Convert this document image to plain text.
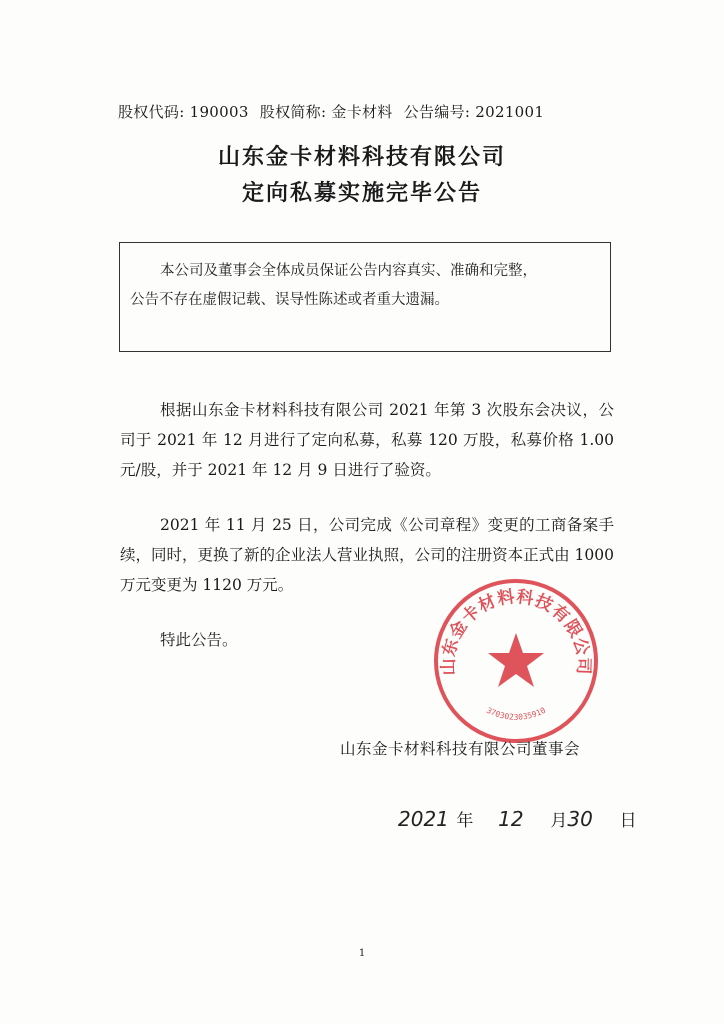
股权代码: 190003 股权简称: 金卡材料 公告编号: 2021001
山东金卡材料科技有限公司
定向私募实施完毕公告

本公司及董事会全体成员保证公告内容真实、准确和完整，

公告不存在虚假记载、误导性陈述或者重大遗漏。

根据山东金卡材料科技有限公司 2021 年第 3 次股东会决议，公司于 2021 年 12 月进行了定向私募，私募 120 万股，私募价格 1.00 元/股，并于 2021 年 12 月 9 日进行了验资。

2021 年 11 月 25 日，公司完成《公司章程》变更的工商备案手续，同时，更换了新的企业法人营业执照，公司的注册资本正式由 1000 万元变更为 1120 万元。

特此公告。

山东金卡材料科技有限公司
3703023035910
山东金卡材料科技有限公司董事会
2021 年 12 月30 日
1
